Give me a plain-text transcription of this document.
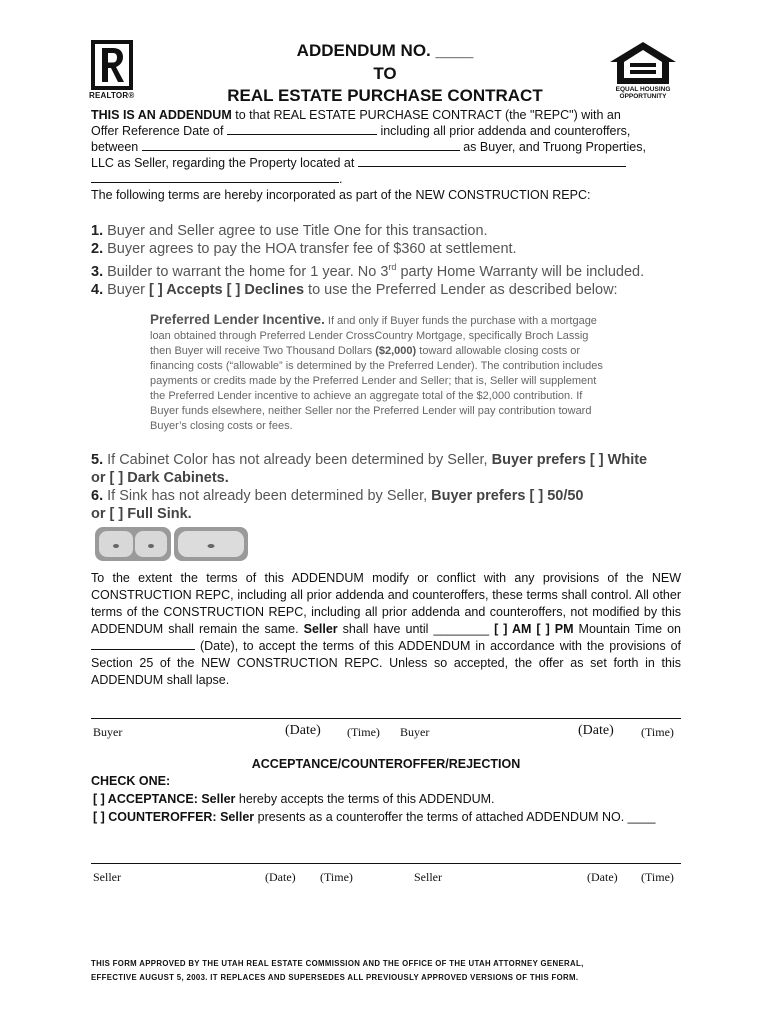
REALTOR®
EQUAL HOUSING
OPPORTUNITY
ADDENDUM NO. ____
TO
REAL ESTATE PURCHASE CONTRACT
THIS IS AN ADDENDUM to that REAL ESTATE PURCHASE CONTRACT (the "REPC") with an
Offer Reference Date of	including all prior addenda and counteroffers,
between	as Buyer, and Truong Properties,
LLC as Seller, regarding the Property located at
.
The following terms are hereby incorporated as part of the NEW CONSTRUCTION REPC:
1. Buyer and Seller agree to use Title One for this transaction.
2. Buyer agrees to pay the HOA transfer fee of $360 at settlement.
3. Builder to warrant the home for 1 year. No 3rd party Home Warranty will be included.
4. Buyer [ ] Accepts [ ] Declines to use the Preferred Lender as described below:
Preferred Lender Incentive. If and only if Buyer funds the purchase with a mortgage
loan obtained through Preferred Lender CrossCountry Mortgage, specifically Broch Lassig
then Buyer will receive Two Thousand Dollars ($2,000) toward allowable closing costs or
financing costs (“allowable” is determined by the Preferred Lender). The contribution includes
payments or credits made by the Preferred Lender and Seller; that is, Seller will supplement
the Preferred Lender incentive to achieve an aggregate total of the $2,000 contribution. If
Buyer funds elsewhere, neither Seller nor the Preferred Lender will pay contribution toward
Buyer’s closing costs or fees.
5. If Cabinet Color has not already been determined by Seller, Buyer prefers [ ] White
or [ ] Dark Cabinets.
6. If Sink has not already been determined by Seller, Buyer prefers [ ] 50/50
or [ ] Full Sink.
To the extent the terms of this ADDENDUM modify or conflict with any provisions of the NEW CONSTRUCTION REPC, including all prior addenda and counteroffers, these terms shall control. All other terms of the CONSTRUCTION REPC, including all prior addenda and counteroffers, not modified by this ADDENDUM shall remain the same. Seller shall have until ________ [ ] AM [ ] PM Mountain Time on  (Date), to accept the terms of this ADDENDUM in accordance with the provisions of Section 25 of the NEW CONSTRUCTION REPC. Unless so accepted, the offer as set forth in this ADDENDUM shall lapse.
Buyer	(Date) (Time) Buyer	(Date) (Time)
ACCEPTANCE/COUNTEROFFER/REJECTION
CHECK ONE:
[ ] ACCEPTANCE: Seller hereby accepts the terms of this ADDENDUM.
[ ] COUNTEROFFER: Seller presents as a counteroffer the terms of attached ADDENDUM NO. ____
Seller	(Date) (Time)	Seller	(Date) (Time)
THIS FORM APPROVED BY THE UTAH REAL ESTATE COMMISSION AND THE OFFICE OF THE UTAH ATTORNEY GENERAL,
EFFECTIVE AUGUST 5, 2003. IT REPLACES AND SUPERSEDES ALL PREVIOUSLY APPROVED VERSIONS OF THIS FORM.
